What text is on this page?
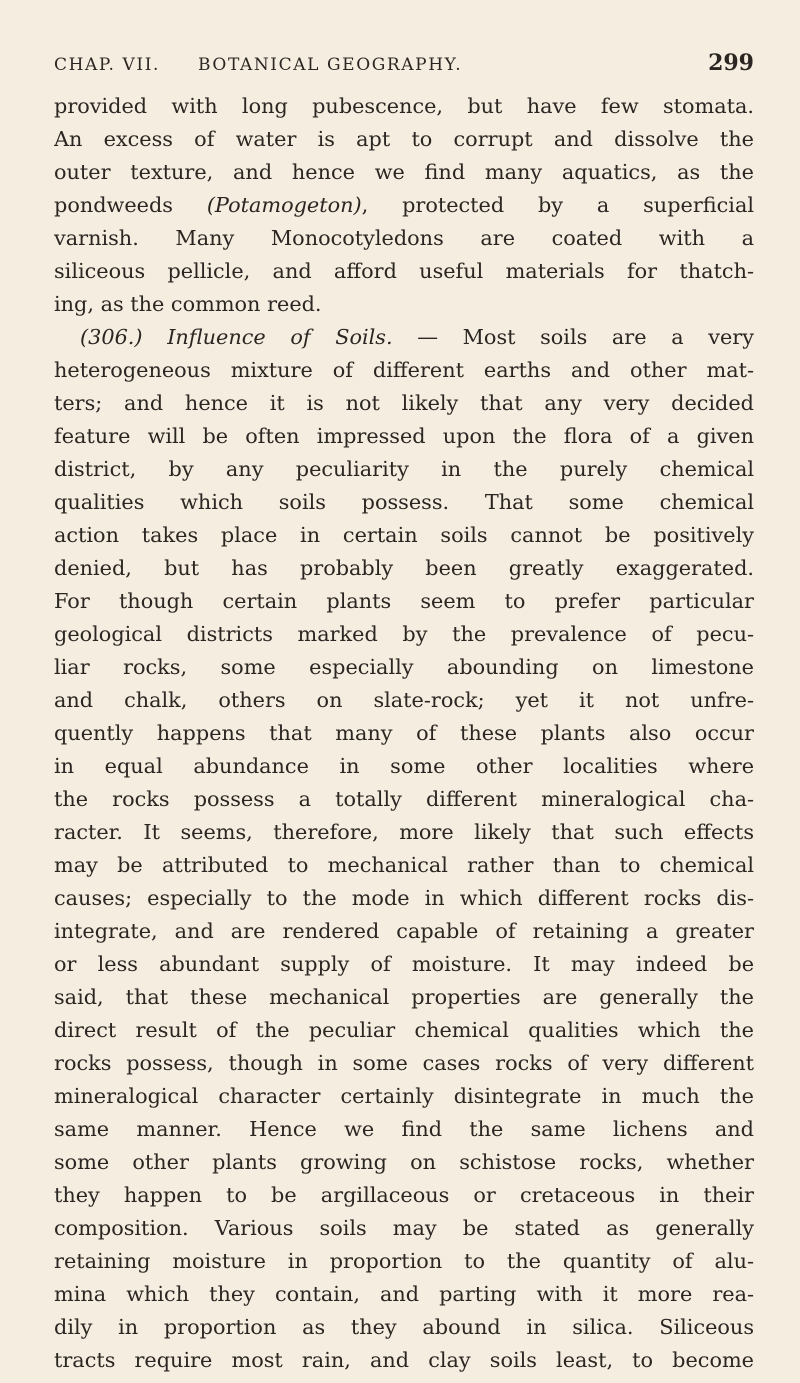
CHAP. VII.	BOTANICAL GEOGRAPHY.	299
provided with long pubescence, but have few stomata.
An excess of water is apt to corrupt and dissolve the
outer texture, and hence we find many aquatics, as the
pondweeds (Potamogeton), protected by a superficial
varnish. Many Monocotyledons are coated with a
siliceous pellicle, and afford useful materials for thatch-
ing, as the common reed.
(306.) Influence of Soils. — Most soils are a very
heterogeneous mixture of different earths and other mat-
ters; and hence it is not likely that any very decided
feature will be often impressed upon the flora of a given
district, by any peculiarity in the purely chemical
qualities which soils possess. That some chemical
action takes place in certain soils cannot be positively
denied, but has probably been greatly exaggerated.
For though certain plants seem to prefer particular
geological districts marked by the prevalence of pecu-
liar rocks, some especially abounding on limestone
and chalk, others on slate-rock; yet it not unfre-
quently happens that many of these plants also occur
in equal abundance in some other localities where
the rocks possess a totally different mineralogical cha-
racter. It seems, therefore, more likely that such effects
may be attributed to mechanical rather than to chemical
causes; especially to the mode in which different rocks dis-
integrate, and are rendered capable of retaining a greater
or less abundant supply of moisture. It may indeed be
said, that these mechanical properties are generally the
direct result of the peculiar chemical qualities which the
rocks possess, though in some cases rocks of very different
mineralogical character certainly disintegrate in much the
same manner. Hence we find the same lichens and
some other plants growing on schistose rocks, whether
they happen to be argillaceous or cretaceous in their
composition. Various soils may be stated as generally
retaining moisture in proportion to the quantity of alu-
mina which they contain, and parting with it more rea-
dily in proportion as they abound in silica. Siliceous
tracts require most rain, and clay soils least, to become
